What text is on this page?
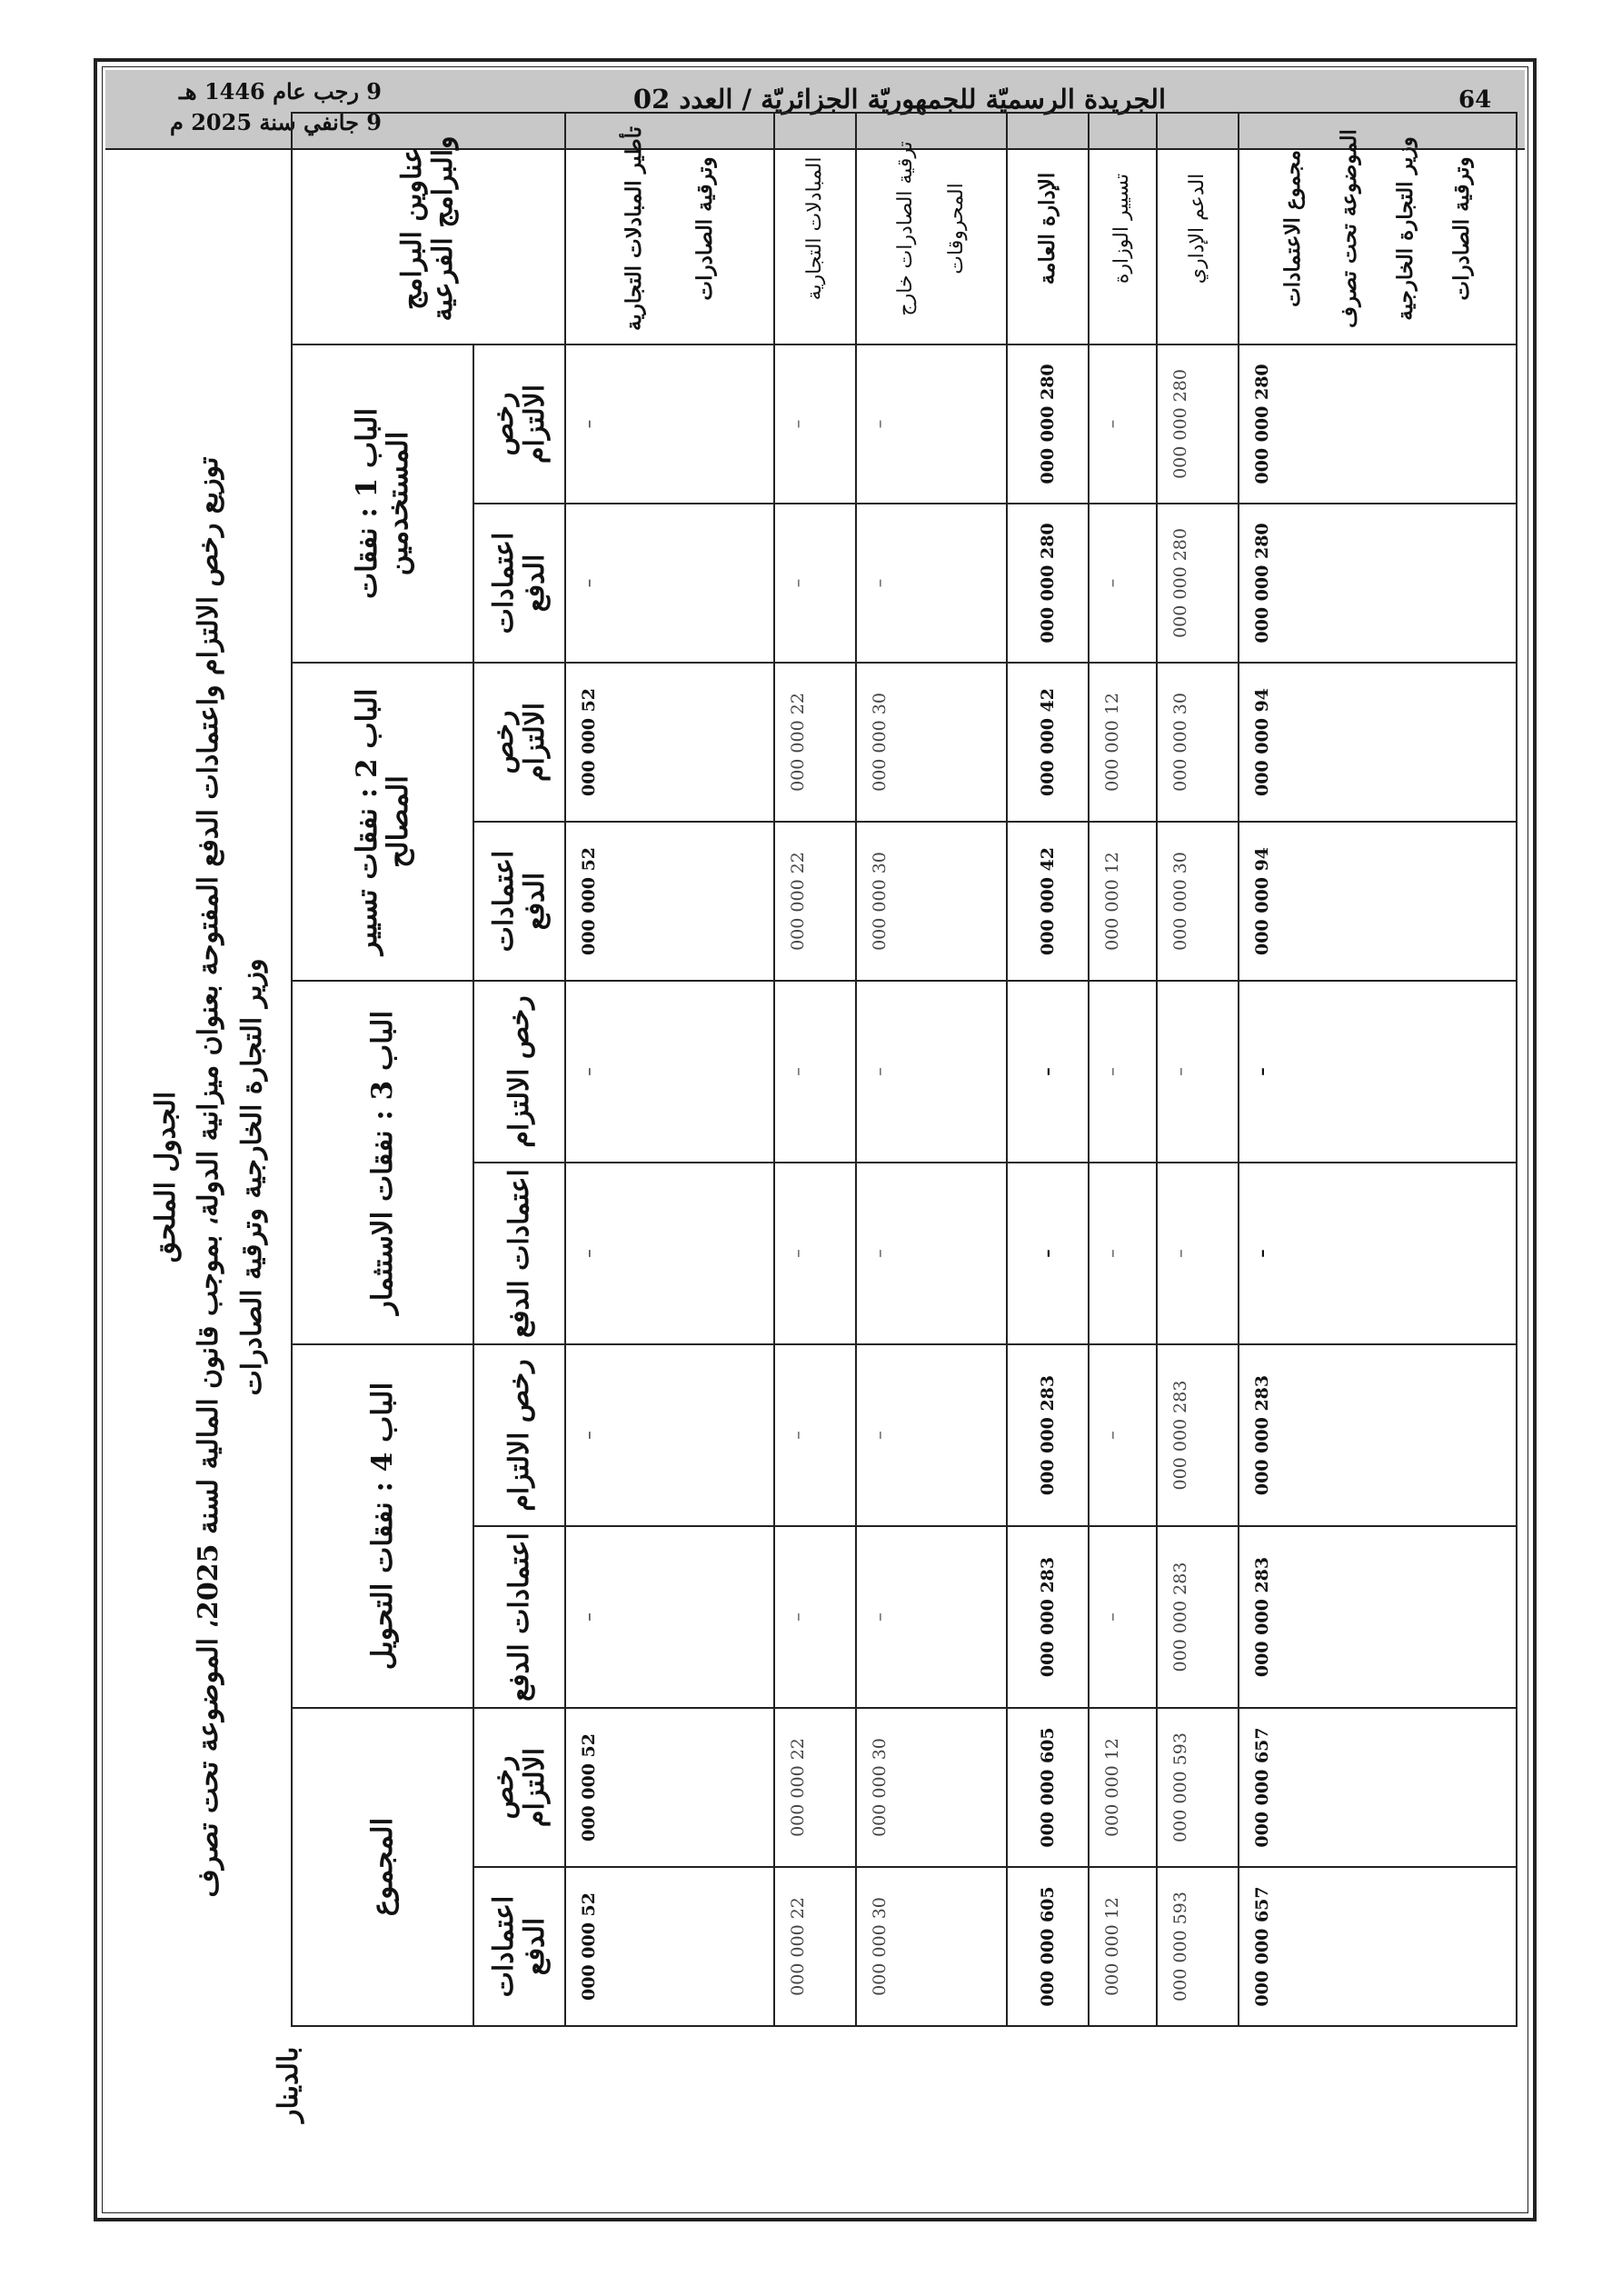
64
الجريدة الرسميّة للجمهوريّة الجزائريّة / العدد 02
9 رجب عام 1446 هـ
9 جانفي سنة 2025 م
الجدول الملحق
توزيع رخص الالتزام واعتمادات الدفع المفتوحة بعنوان ميزانية الدولة، بموجب قانون المالية لسنة 2025، الموضوعة تحت تصرف وزير التجارة الخارجية وترقية الصادرات
بالدينار
عناوين البرامج والبرامج الفرعية	الباب 1 : نفقات المستخدمين		الباب 2 : نفقات تسيير المصالح		الباب 3 : نفقات الاستثمار		الباب 4 : نفقات التحويل		المجموع	
	رخص الالتزام	اعتمادات الدفع	رخص الالتزام	اعتمادات الدفع	رخص الالتزام	اعتمادات الدفع	رخص الالتزام	اعتمادات الدفع	رخص الالتزام	اعتمادات الدفع
تأطير المبادلات التجارية وترقية الصادرات	–	–	52 000 000	52 000 000	–	–	–	–	52 000 000	52 000 000
المبادلات التجارية	–	–	22 000 000	22 000 000	–	–	–	–	22 000 000	22 000 000
ترقية الصادرات خارج المحروقات	–	–	30 000 000	30 000 000	–	–	–	–	30 000 000	30 000 000
الإدارة العامة	280 000 000	280 000 000	42 000 000	42 000 000	–	–	283 000 000	283 000 000	605 000 000	605 000 000
تسيير الوزارة	–	–	12 000 000	12 000 000	–	–	–	–	12 000 000	12 000 000
الدعم الإداري	280 000 000	280 000 000	30 000 000	30 000 000	–	–	283 000 000	283 000 000	593 000 000	593 000 000
مجموع الاعتمادات الموضوعة تحت تصرف وزير التجارة الخارجية وترقية الصادرات	280 000 000	280 000 000	94 000 000	94 000 000	–	–	283 000 000	283 000 000	657 000 000	657 000 000
